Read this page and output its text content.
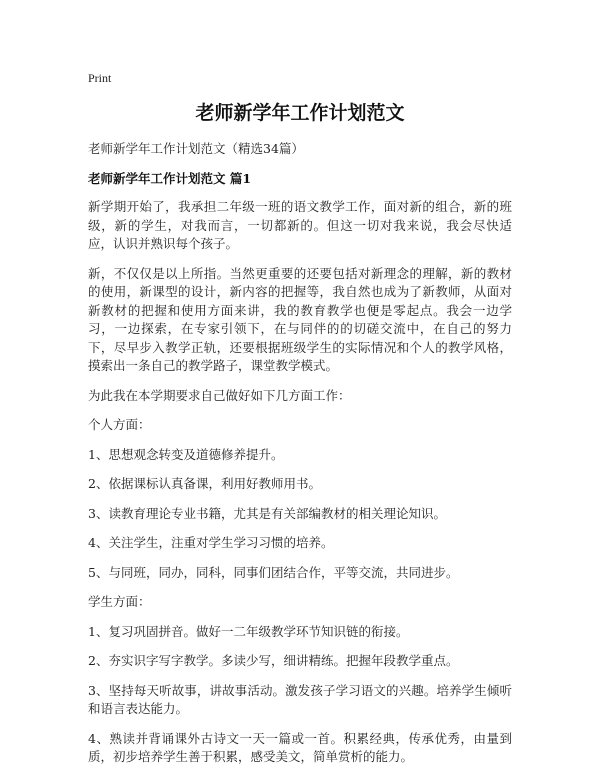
Print
老师新学年工作计划范文
老师新学年工作计划范文（精选34篇）
老师新学年工作计划范文 篇1

新学期开始了，我承担二年级一班的语文教学工作，面对新的组合，新的班级，新的学生，对我而言，一切都新的。但这一切对我来说，我会尽快适应，认识并熟识每个孩子。

新，不仅仅是以上所指。当然更重要的还要包括对新理念的理解，新的教材的使用，新课型的设计，新内容的把握等，我自然也成为了新教师，从面对新教材的把握和使用方面来讲，我的教育教学也便是零起点。我会一边学习，一边探索，在专家引领下，在与同伴的的切磋交流中，在自己的努力下，尽早步入教学正轨，还要根据班级学生的实际情况和个人的教学风格，摸索出一条自己的教学路子，课堂教学模式。

为此我在本学期要求自己做好如下几方面工作：

个人方面：

1、思想观念转变及道德修养提升。

2、依据课标认真备课，利用好教师用书。

3、读教育理论专业书籍，尤其是有关部编教材的相关理论知识。

4、关注学生，注重对学生学习习惯的培养。

5、与同班，同办，同科，同事们团结合作，平等交流，共同进步。

学生方面：

1、复习巩固拼音。做好一二年级教学环节知识链的衔接。

2、夯实识字写字教学。多读少写，细讲精练。把握年段教学重点。

3、坚持每天听故事，讲故事活动。激发孩子学习语文的兴趣。培养学生倾听和语言表达能力。

4、熟读并背诵课外古诗文一天一篇或一首。积累经典，传承优秀，由量到质，初步培养学生善于积累，感受美文，简单赏析的能力。
